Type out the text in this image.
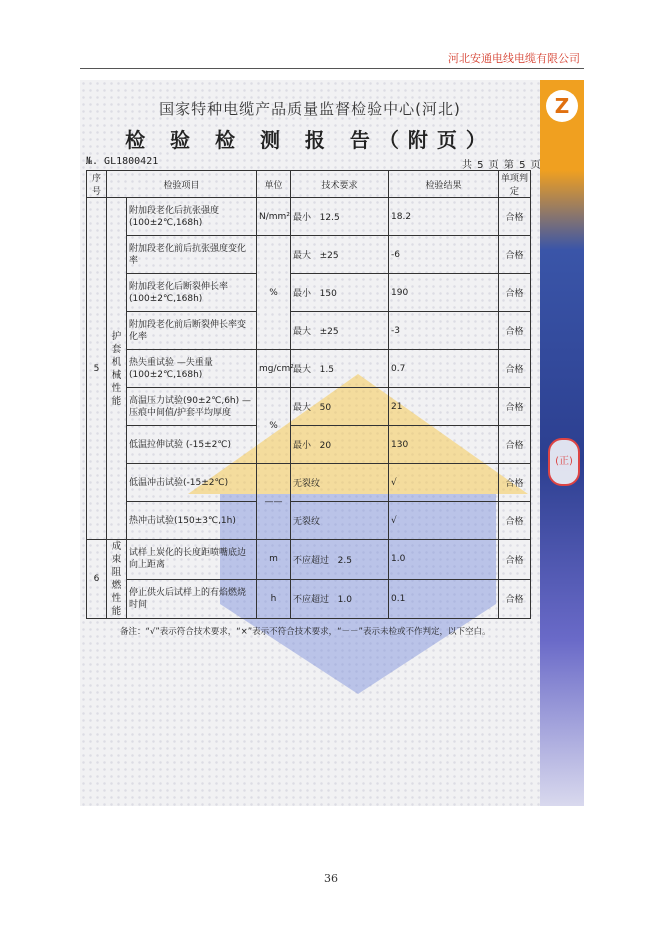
河北安通电线电缆有限公司
Z
(正)
国家特种电缆产品质量监督检验中心(河北)
检 验 检 测 报 告（附页）
№. GL1800421	共 5 页 第 5 页
序号	检验项目		单位	技术要求	检验结果	单项判定
5	护套机械性能	附加段老化后抗张强度(100±2℃,168h)	N/mm²	最小 12.5	18.2	合格
		附加段老化前后抗张强度变化率	%	最大 ±25	-6	合格
		附加段老化后断裂伸长率(100±2℃,168h)		最小 150	190	合格
		附加段老化前后断裂伸长率变化率		最大 ±25	-3	合格
		热失重试验 —失重量(100±2℃,168h)	mg/cm²	最大 1.5	0.7	合格
		高温压力试验(90±2℃,6h) —压痕中间值/护套平均厚度	%	最大 50	21	合格
		低温拉伸试验 (-15±2℃)		最小 20	130	合格
		低温冲击试验(-15±2℃)	——	无裂纹	√	合格
		热冲击试验(150±3℃,1h)		无裂纹	√	合格
6	成束阻燃性能	试样上炭化的长度距喷嘴底边向上距离	m	不应超过 2.5	1.0	合格
		停止供火后试样上的有焰燃烧时间	h	不应超过 1.0	0.1	合格
备注：“√”表示符合技术要求，“×”表示不符合技术要求，“－－”表示未检或不作判定，以下空白。
36
